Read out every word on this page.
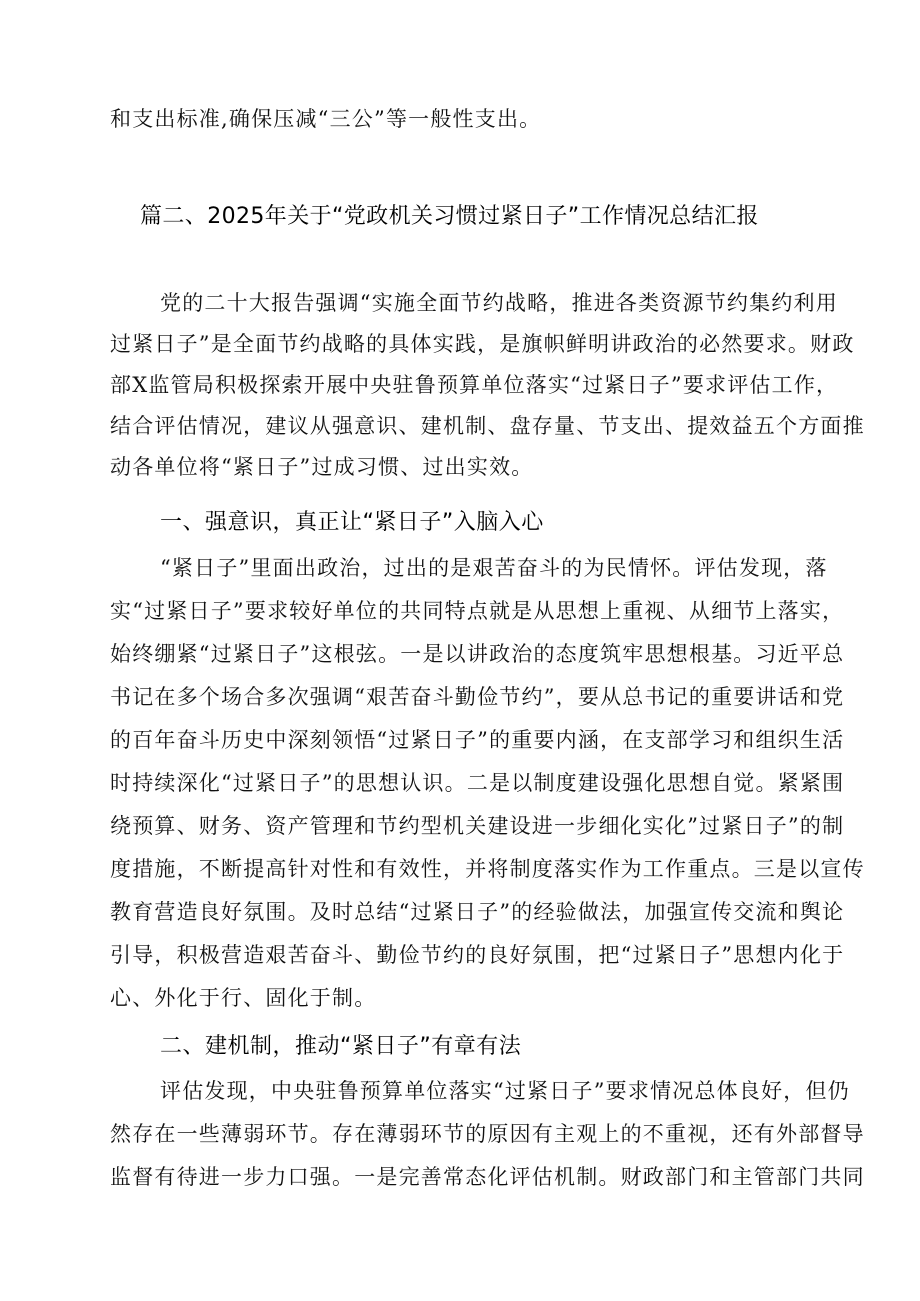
和支出标准,确保压减“三公”等一般性支出。
篇二、2025年关于“党政机关习惯过紧日子”工作情况总结汇报
党的二十大报告强调“实施全面节约战略，推进各类资源节约集约利用
过紧日子”是全面节约战略的具体实践，是旗帜鲜明讲政治的必然要求。财政
部X监管局积极探索开展中央驻鲁预算单位落实“过紧日子”要求评估工作，
结合评估情况，建议从强意识、建机制、盘存量、节支出、提效益五个方面推
动各单位将“紧日子”过成习惯、过出实效。
一、强意识，真正让“紧日子”入脑入心
“紧日子”里面出政治，过出的是艰苦奋斗的为民情怀。评估发现，落
实“过紧日子”要求较好单位的共同特点就是从思想上重视、从细节上落实，
始终绷紧“过紧日子”这根弦。一是以讲政治的态度筑牢思想根基。习近平总
书记在多个场合多次强调“艰苦奋斗勤俭节约”，要从总书记的重要讲话和党
的百年奋斗历史中深刻领悟“过紧日子”的重要内涵，在支部学习和组织生活
时持续深化“过紧日子”的思想认识。二是以制度建设强化思想自觉。紧紧围
绕预算、财务、资产管理和节约型机关建设进一步细化实化”过紧日子”的制
度措施，不断提高针对性和有效性，并将制度落实作为工作重点。三是以宣传
教育营造良好氛围。及时总结“过紧日子”的经验做法，加强宣传交流和舆论
引导，积极营造艰苦奋斗、勤俭节约的良好氛围，把“过紧日子”思想内化于
心、外化于行、固化于制。
二、建机制，推动“紧日子”有章有法
评估发现，中央驻鲁预算单位落实“过紧日子”要求情况总体良好，但仍
然存在一些薄弱环节。存在薄弱环节的原因有主观上的不重视，还有外部督导
监督有待进一步力口强。一是完善常态化评估机制。财政部门和主管部门共同
